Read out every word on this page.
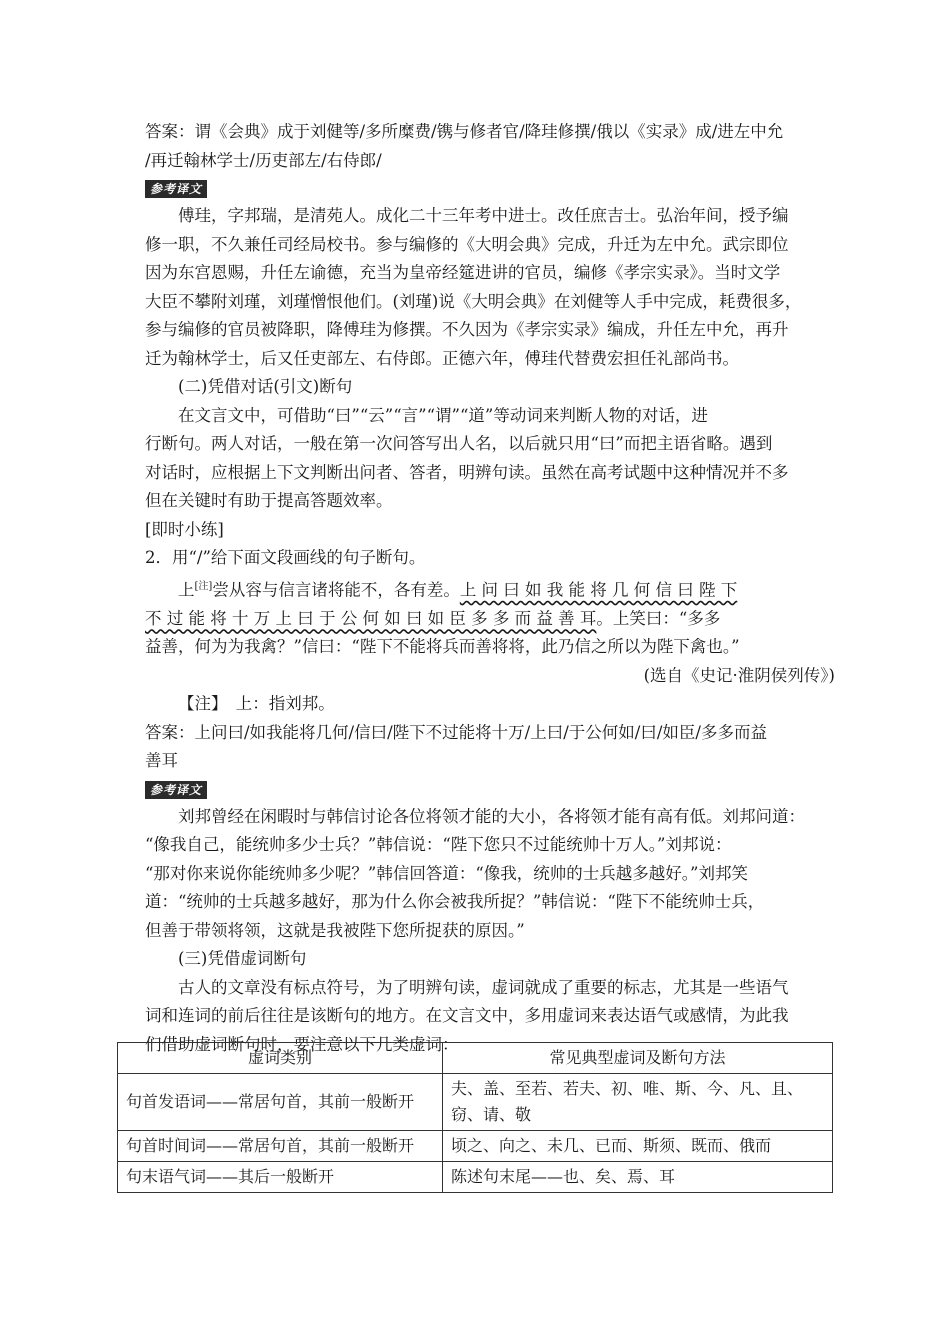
答案：谓《会典》成于刘健等/多所糜费/镌与修者官/降珪修撰/俄以《实录》成/进左中允
/再迁翰林学士/历吏部左/右侍郎/
参考译文
傅珪，字邦瑞，是清苑人。成化二十三年考中进士。改任庶吉士。弘治年间，授予编
修一职，不久兼任司经局校书。参与编修的《大明会典》完成，升迁为左中允。武宗即位
因为东宫恩赐，升任左谕德，充当为皇帝经筵进讲的官员，编修《孝宗实录》。当时文学
大臣不攀附刘瑾，刘瑾憎恨他们。(刘瑾)说《大明会典》在刘健等人手中完成，耗费很多，
参与编修的官员被降职，降傅珪为修撰。不久因为《孝宗实录》编成，升任左中允，再升
迁为翰林学士，后又任吏部左、右侍郎。正德六年，傅珪代替费宏担任礼部尚书。
(二)凭借对话(引文)断句
在文言文中，可借助“曰”“云”“言”“谓”“道”等动词来判断人物的对话，进
行断句。两人对话，一般在第一次问答写出人名，以后就只用“曰”而把主语省略。遇到
对话时，应根据上下文判断出问者、答者，明辨句读。虽然在高考试题中这种情况并不多
但在关键时有助于提高答题效率。
[即时小练]
2．用“/”给下面文段画线的句子断句。
上[注]尝从容与信言诸将能不，各有差。上 问 曰 如 我 能 将 几 何 信 曰 陛 下
不 过 能 将 十 万 上 曰 于 公 何 如 曰 如 臣 多 多 而 益 善 耳。上笑曰：“多多
益善，何为为我禽？”信曰：“陛下不能将兵而善将将，此乃信之所以为陛下禽也。”
(选自《史记·淮阴侯列传》)
【注】　上：指刘邦。
答案：上问曰/如我能将几何/信曰/陛下不过能将十万/上曰/于公何如/曰/如臣/多多而益
善耳
参考译文
刘邦曾经在闲暇时与韩信讨论各位将领才能的大小，各将领才能有高有低。刘邦问道：
“像我自己，能统帅多少士兵？”韩信说：“陛下您只不过能统帅十万人。”刘邦说：
“那对你来说你能统帅多少呢？”韩信回答道：“像我，统帅的士兵越多越好。”刘邦笑
道：“统帅的士兵越多越好，那为什么你会被我所捉？”韩信说：“陛下不能统帅士兵，
但善于带领将领，这就是我被陛下您所捉获的原因。”
(三)凭借虚词断句
古人的文章没有标点符号，为了明辨句读，虚词就成了重要的标志，尤其是一些语气
词和连词的前后往往是该断句的地方。在文言文中，多用虚词来表达语气或感情，为此我
们借助虚词断句时，要注意以下几类虚词：
虚词类别	常见典型虚词及断句方法
句首发语词——常居句首，其前一般断开	夫、盖、至若、若夫、初、唯、斯、今、凡、且、窃、请、敬
句首时间词——常居句首，其前一般断开	顷之、向之、未几、已而、斯须、既而、俄而
句末语气词——其后一般断开	陈述句末尾——也、矣、焉、耳
